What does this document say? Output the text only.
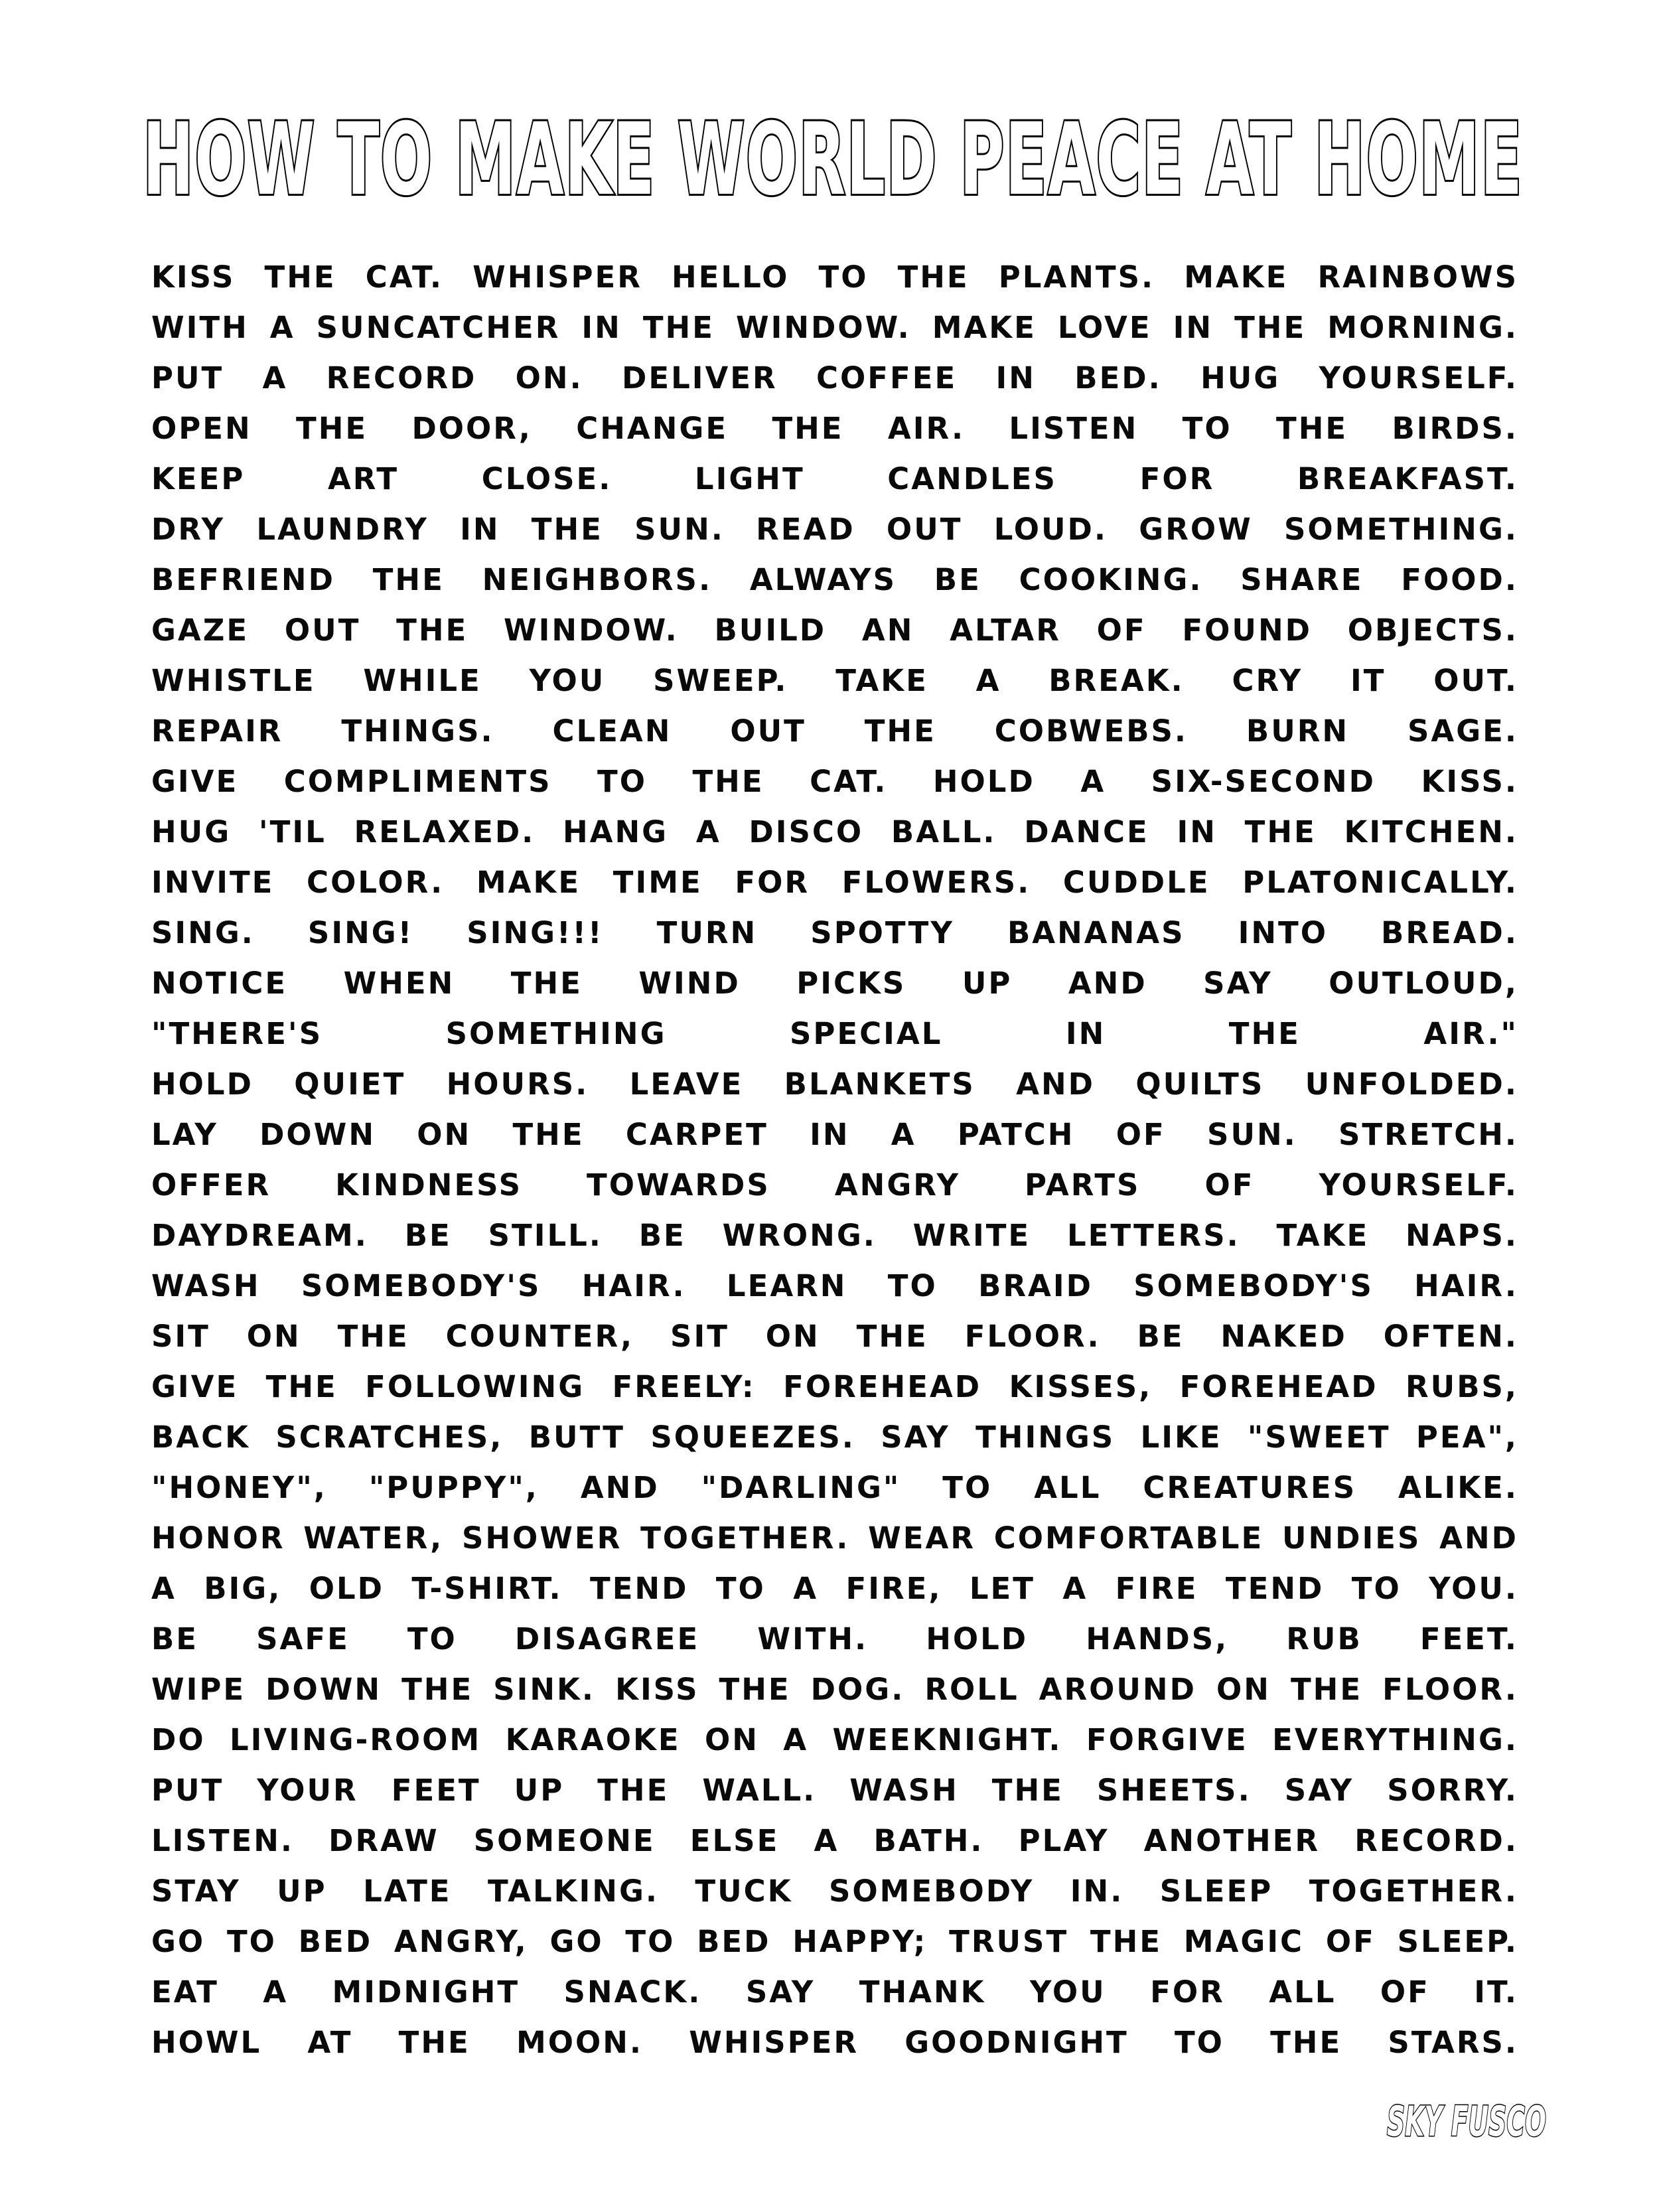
HOW TO MAKE WORLD PEACE AT HOME
KISS THE CAT. WHISPER HELLO TO THE PLANTS. MAKE RAINBOWS
WITH A SUNCATCHER IN THE WINDOW. MAKE LOVE IN THE MORNING.
PUT A RECORD ON. DELIVER COFFEE IN BED. HUG YOURSELF.
OPEN THE DOOR, CHANGE THE AIR. LISTEN TO THE BIRDS.
KEEP ART CLOSE. LIGHT CANDLES FOR BREAKFAST.
DRY LAUNDRY IN THE SUN. READ OUT LOUD. GROW SOMETHING.
BEFRIEND THE NEIGHBORS. ALWAYS BE COOKING. SHARE FOOD.
GAZE OUT THE WINDOW. BUILD AN ALTAR OF FOUND OBJECTS.
WHISTLE WHILE YOU SWEEP. TAKE A BREAK. CRY IT OUT.
REPAIR THINGS. CLEAN OUT THE COBWEBS. BURN SAGE.
GIVE COMPLIMENTS TO THE CAT. HOLD A SIX-SECOND KISS.
HUG 'TIL RELAXED. HANG A DISCO BALL. DANCE IN THE KITCHEN.
INVITE COLOR. MAKE TIME FOR FLOWERS. CUDDLE PLATONICALLY.
SING. SING! SING!!! TURN SPOTTY BANANAS INTO BREAD.
NOTICE WHEN THE WIND PICKS UP AND SAY OUTLOUD,
"THERE'S SOMETHING SPECIAL IN THE AIR."
HOLD QUIET HOURS. LEAVE BLANKETS AND QUILTS UNFOLDED.
LAY DOWN ON THE CARPET IN A PATCH OF SUN. STRETCH.
OFFER KINDNESS TOWARDS ANGRY PARTS OF YOURSELF.
DAYDREAM. BE STILL. BE WRONG. WRITE LETTERS. TAKE NAPS.
WASH SOMEBODY'S HAIR. LEARN TO BRAID SOMEBODY'S HAIR.
SIT ON THE COUNTER, SIT ON THE FLOOR. BE NAKED OFTEN.
GIVE THE FOLLOWING FREELY: FOREHEAD KISSES, FOREHEAD RUBS,
BACK SCRATCHES, BUTT SQUEEZES. SAY THINGS LIKE "SWEET PEA",
"HONEY", "PUPPY", AND "DARLING" TO ALL CREATURES ALIKE.
HONOR WATER, SHOWER TOGETHER. WEAR COMFORTABLE UNDIES AND
A BIG, OLD T-SHIRT. TEND TO A FIRE, LET A FIRE TEND TO YOU.
BE SAFE TO DISAGREE WITH. HOLD HANDS, RUB FEET.
WIPE DOWN THE SINK. KISS THE DOG. ROLL AROUND ON THE FLOOR.
DO LIVING-ROOM KARAOKE ON A WEEKNIGHT. FORGIVE EVERYTHING.
PUT YOUR FEET UP THE WALL. WASH THE SHEETS. SAY SORRY.
LISTEN. DRAW SOMEONE ELSE A BATH. PLAY ANOTHER RECORD.
STAY UP LATE TALKING. TUCK SOMEBODY IN. SLEEP TOGETHER.
GO TO BED ANGRY, GO TO BED HAPPY; TRUST THE MAGIC OF SLEEP.
EAT A MIDNIGHT SNACK. SAY THANK YOU FOR ALL OF IT.
HOWL AT THE MOON. WHISPER GOODNIGHT TO THE STARS.
SKY FUSCO
